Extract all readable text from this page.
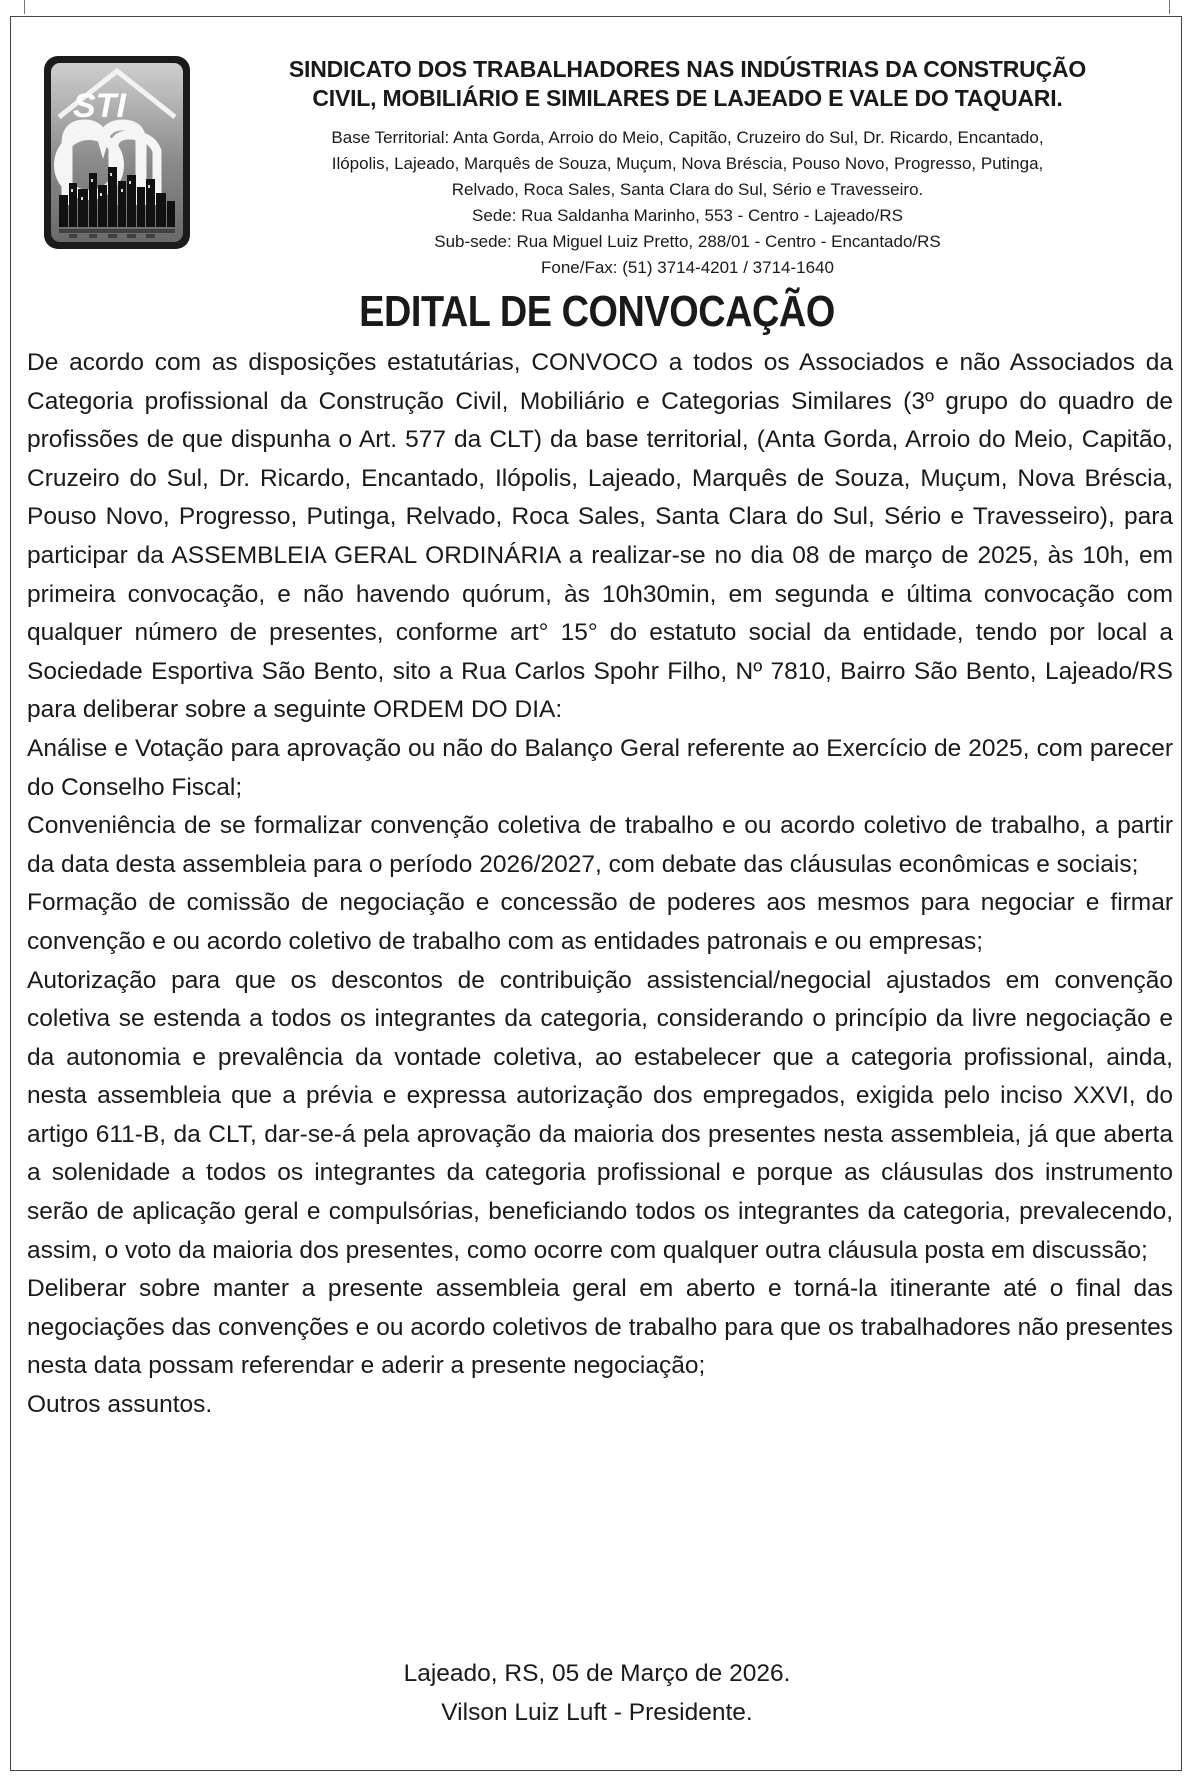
STI

SINDICATO DOS TRABALHADORES NAS INDÚSTRIAS DA CONSTRUÇÃO

CIVIL, MOBILIÁRIO E SIMILARES DE LAJEADO E VALE DO TAQUARI.

Base Territorial: Anta Gorda, Arroio do Meio, Capitão, Cruzeiro do Sul, Dr. Ricardo, Encantado,

Ilópolis, Lajeado, Marquês de Souza, Muçum, Nova Bréscia, Pouso Novo, Progresso, Putinga,

Relvado, Roca Sales, Santa Clara do Sul, Sério e Travesseiro.

Sede: Rua Saldanha Marinho, 553 - Centro - Lajeado/RS

Sub-sede: Rua Miguel Luiz Pretto, 288/01 - Centro - Encantado/RS

Fone/Fax: (51) 3714-4201 / 3714-1640

EDITAL DE CONVOCAÇÃO

De acordo com as disposições estatutárias, CONVOCO a todos os Associados e não Associados da Categoria profissional da Construção Civil, Mobiliário e Categorias Similares (3º grupo do quadro de profissões de que dispunha o Art. 577 da CLT) da base territorial, (Anta Gorda, Arroio do Meio, Capitão, Cruzeiro do Sul, Dr. Ricardo, Encantado, Ilópolis, Lajeado, Marquês de Souza, Muçum, Nova Bréscia, Pouso Novo, Progresso, Putinga, Relvado, Roca Sales, Santa Clara do Sul, Sério e Travesseiro), para participar da ASSEMBLEIA GERAL ORDINÁRIA a realizar-se no dia 08 de março de 2025, às 10h, em primeira convocação, e não havendo quórum, às 10h30min, em segunda e última convocação com qualquer número de presentes, conforme art° 15° do estatuto social da entidade, tendo por local a Sociedade Esportiva São Bento, sito a Rua Carlos Spohr Filho, Nº 7810, Bairro São Bento, Lajeado/RS para deliberar sobre a seguinte ORDEM DO DIA:

Análise e Votação para aprovação ou não do Balanço Geral referente ao Exercício de 2025, com parecer do Conselho Fiscal;

Conveniência de se formalizar convenção coletiva de trabalho e ou acordo coletivo de trabalho, a partir da data desta assembleia para o período 2026/2027, com debate das cláusulas econômicas e sociais;

Formação de comissão de negociação e concessão de poderes aos mesmos para negociar e firmar convenção e ou acordo coletivo de trabalho com as entidades patronais e ou empresas;

Autorização para que os descontos de contribuição assistencial/negocial ajustados em convenção coletiva se estenda a todos os integrantes da categoria, considerando o princípio da livre negociação e da autonomia e prevalência da vontade coletiva, ao estabelecer que a categoria profissional, ainda, nesta assembleia que a prévia e expressa autorização dos empregados, exigida pelo inciso XXVI, do artigo 611-B, da CLT, dar-se-á pela aprovação da maioria dos presentes nesta assembleia, já que aberta a solenidade a todos os integrantes da categoria profissional e porque as cláusulas dos instrumento serão de aplicação geral e compulsórias, beneficiando todos os integrantes da categoria, prevalecendo, assim, o voto da maioria dos presentes, como ocorre com qualquer outra cláusula posta em discussão;

Deliberar sobre manter a presente assembleia geral em aberto e torná-la itinerante até o final das negociações das convenções e ou acordo coletivos de trabalho para que os trabalhadores não presentes nesta data possam referendar e aderir a presente negociação;

Outros assuntos.

Lajeado, RS, 05 de Março de 2026.

Vilson Luiz Luft - Presidente.
